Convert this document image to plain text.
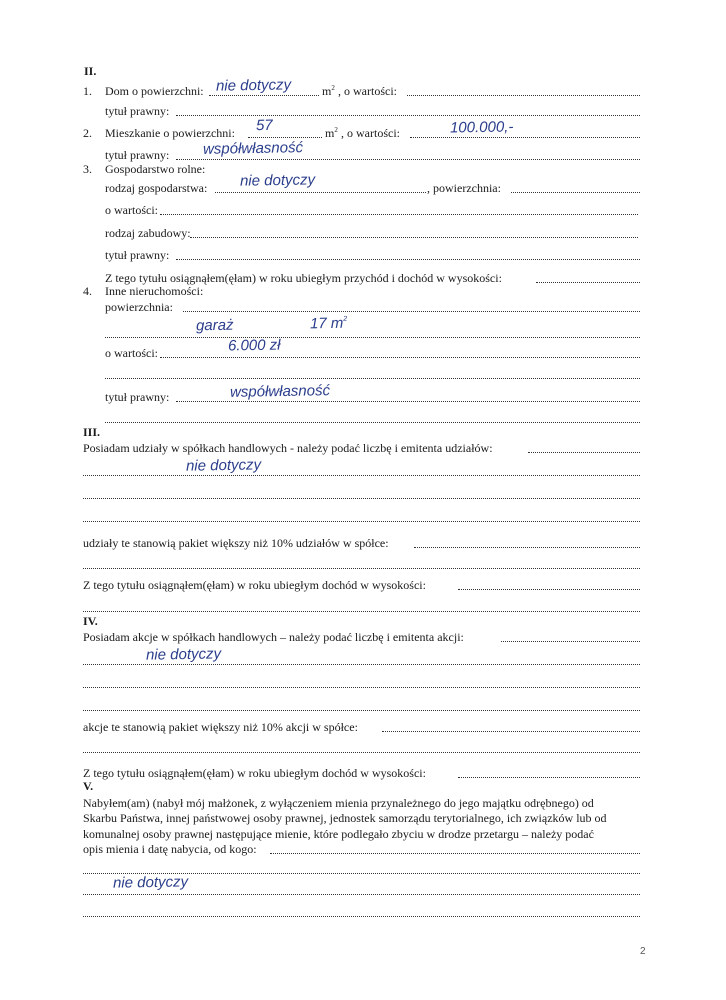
II.
1. Dom o powierzchni: nie dotyczy	$m^2$ , o wartości:
tytuł prawny:
2. Mieszkanie o powierzchni: 57	$m^2$ , o wartości:	100.000,-
tytuł prawny: współwłasność
3. Gospodarstwo rolne:
rodzaj gospodarstwa: nie dotyczy	, powierzchnia:
o wartości:
rodzaj zabudowy:
tytuł prawny:
Z tego tytułu osiągnąłem(ęłam) w roku ubiegłym przychód i dochód w wysokości:
4. Inne nieruchomości:
powierzchnia:
garaż	17 $m^2$
o wartości:	6.000 zł
tytuł prawny:	współwłasność
III.
Posiadam udziały w spółkach handlowych - należy podać liczbę i emitenta udziałów:
nie dotyczy
udziały te stanowią pakiet większy niż 10% udziałów w spółce:
Z tego tytułu osiągnąłem(ęłam) w roku ubiegłym dochód w wysokości:
IV.
Posiadam akcje w spółkach handlowych – należy podać liczbę i emitenta akcji:
nie dotyczy
akcje te stanowią pakiet większy niż 10% akcji w spółce:
Z tego tytułu osiągnąłem(ęłam) w roku ubiegłym dochód w wysokości:
V.
Nabyłem(am) (nabył mój małżonek, z wyłączeniem mienia przynależnego do jego majątku odrębnego) od
Skarbu Państwa, innej państwowej osoby prawnej, jednostek samorządu terytorialnego, ich związków lub od
komunalnej osoby prawnej następujące mienie, które podlegało zbyciu w drodze przetargu – należy podać
opis mienia i datę nabycia, od kogo:
nie dotyczy
2
